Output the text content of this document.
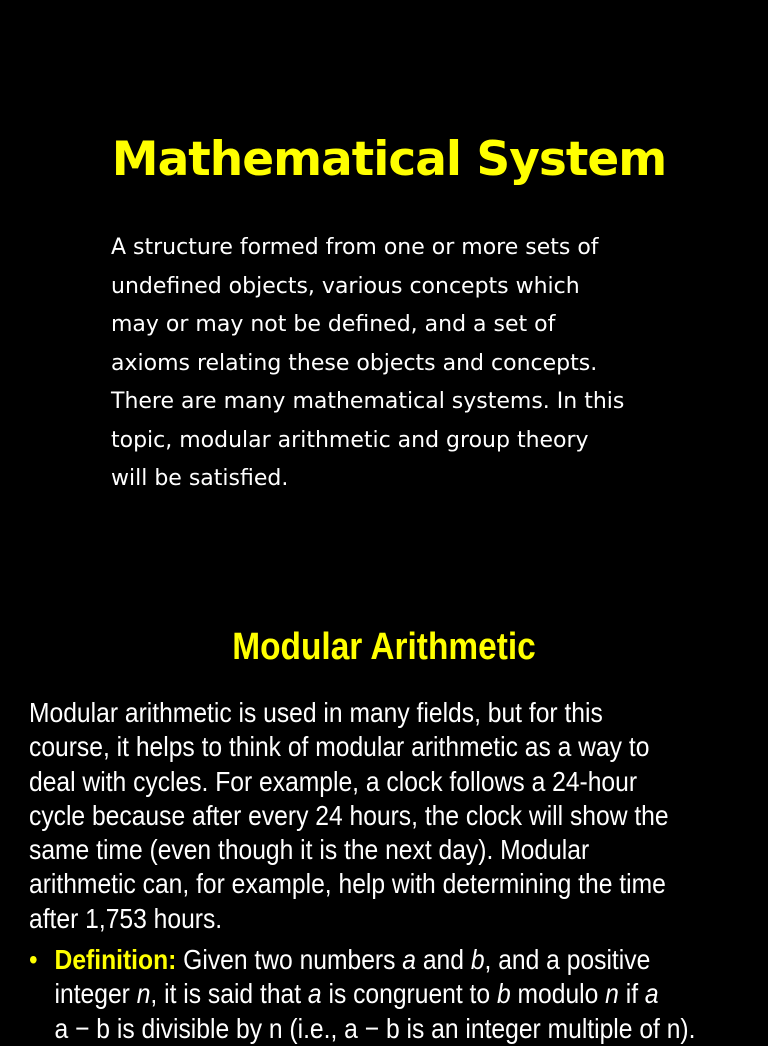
Mathematical System

A structure formed from one or more sets of
undefined objects, various concepts which
may or may not be defined, and a set of
axioms relating these objects and concepts.
There are many mathematical systems. In this
topic, modular arithmetic and group theory
will be satisfied.

Modular Arithmetic

Modular arithmetic is used in many fields, but for this
course, it helps to think of modular arithmetic as a way to
deal with cycles. For example, a clock follows a 24-hour
cycle because after every 24 hours, the clock will show the
same time (even though it is the next day). Modular
arithmetic can, for example, help with determining the time
after 1,753 hours.

• Definition: Given two numbers a and b, and a positive
integer n, it is said that a is congruent to b modulo n if a
a − b is divisible by n (i.e., a − b is an integer multiple of n).
